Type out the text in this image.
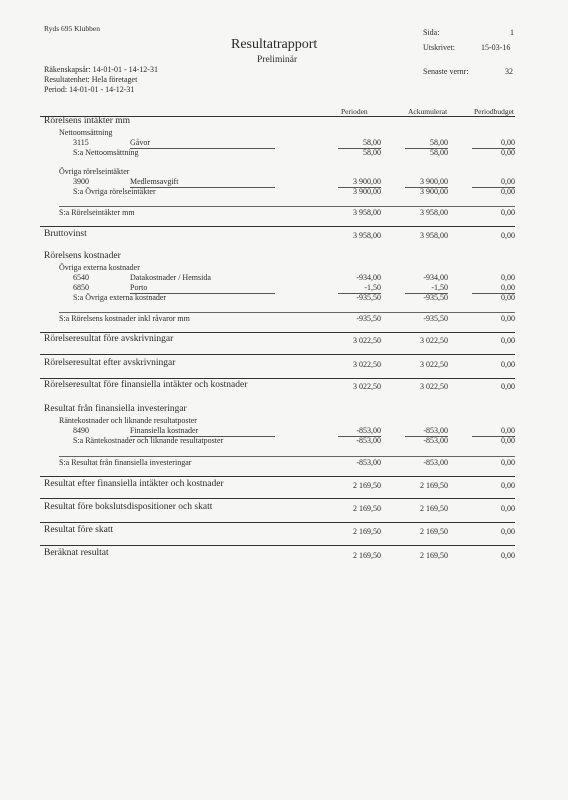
Ryds 695 Klubben
Resultatrapport
Preliminär
Sida:	1
Utskrivet:	15-03-16
Senaste vernr:	32
Räkenskapsår: 14-01-01 - 14-12-31
Resultatenhet: Hela företaget
Period: 14-01-01 - 14-12-31
Perioden	Ackumulerat	Periodbudget
Rörelsens intäkter mm
Nettoomsättning
3115	Gåvor	58,00	58,00	0,00
S:a Nettoomsättning	58,00	58,00	0,00
Övriga rörelseintäkter
3900	Medlemsavgift	3 900,00	3 900,00	0,00
S:a Övriga rörelseintäkter	3 900,00	3 900,00	0,00
S:a Rörelseintäkter mm	3 958,00	3 958,00	0,00
Bruttovinst	3 958,00	3 958,00	0,00
Rörelsens kostnader
Övriga externa kostnader
6540	Datakostnader / Hemsida	-934,00	-934,00	0,00
6850	Porto	-1,50	-1,50	0,00
S:a Övriga externa kostnader	-935,50	-935,50	0,00
S:a Rörelsens kostnader inkl råvaror mm	-935,50	-935,50	0,00
Rörelseresultat före avskrivningar	3 022,50	3 022,50	0,00
Rörelseresultat efter avskrivningar	3 022,50	3 022,50	0,00
Rörelseresultat före finansiella intäkter och kostnader	3 022,50	3 022,50	0,00
Resultat från finansiella investeringar
Räntekostnader och liknande resultatposter
8490	Finansiella kostnader	-853,00	-853,00	0,00
S:a Räntekostnader och liknande resultatposter	-853,00	-853,00	0,00
S:a Resultat från finansiella investeringar	-853,00	-853,00	0,00
Resultat efter finansiella intäkter och kostnader	2 169,50	2 169,50	0,00
Resultat före bokslutsdispositioner och skatt	2 169,50	2 169,50	0,00
Resultat före skatt	2 169,50	2 169,50	0,00
Beräknat resultat	2 169,50	2 169,50	0,00
